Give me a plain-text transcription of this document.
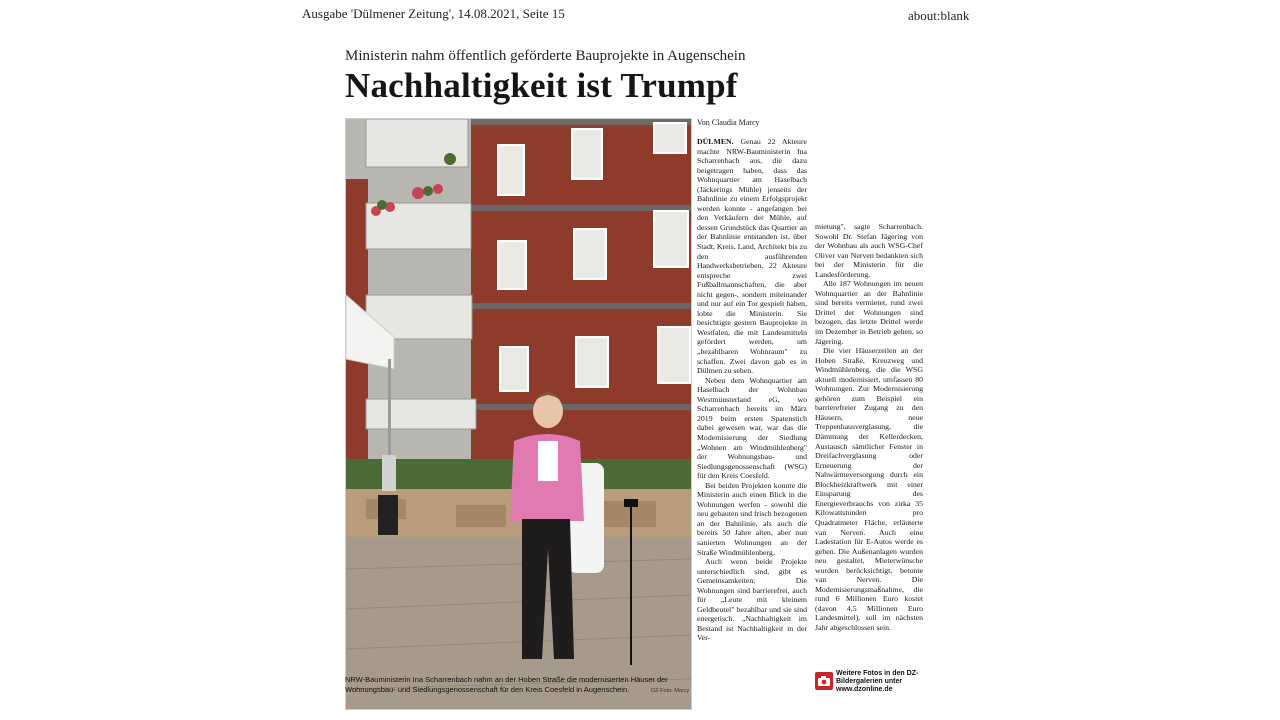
Ausgabe 'Dülmener Zeitung', 14.08.2021, Seite 15	about:blank
Ministerin nahm öffentlich geförderte Bauprojekte in Augenschein
Nachhaltigkeit ist Trumpf
NRW-Bauministerin Ina Scharrenbach nahm an der Hoben Straße die modernisierten Häuser der Wohnungsbau- und Siedlungsgenossenschaft für den Kreis Coesfeld in Augenschein.	DZ-Foto: Marcy
Von Claudia Marcy

DÜLMEN. Genau 22 Akteure machte NRW-Bauministerin Ina Scharrenbach aus, die dazu beigetragen haben, dass das Wohnquartier am Haselbach (Jäckerings Mühle) jenseits der Bahnlinie zu einem Erfolgsprojekt werden konnte - angefangen bei den Verkäufern der Mühle, auf dessen Grundstück das Quartier an der Bahnlinie entstanden ist, über Stadt, Kreis, Land, Architekt bis zu den ausführenden Handwerksbetrieben. 22 Akteure entspreche zwei Fußballmannschaften, die aber nicht gegen-, sondern miteinander und nur auf ein Tor gespielt haben, lobte die Ministerin. Sie besichtigte gestern Bauprojekte in Westfalen, die mit Landesmitteln gefördert werden, um „bezahlbaren Wohnraum" zu schaffen. Zwei davon gab es in Dülmen zu sehen.

Neben dem Wohnquartier am Haselbach der Wohnbau Westmünsterland eG, wo Scharrenbach bereits im März 2019 beim ersten Spatenstich dabei gewesen war, war das die Modernisierung der Siedlung „Wohnen am Windmühlenberg" der Wohnungsbau- und Siedlungsgenossenschaft (WSG) für den Kreis Coesfeld.

Bei beiden Projekten konnte die Ministerin auch einen Blick in die Wohnungen werfen - sowohl die neu gebauten und frisch bezogenen an der Bahnlinie, als auch die bereits 50 Jahre alten, aber nun sanierten Wohnungen an der Straße Windmühlenberg.

Auch wenn beide Projekte unterschiedlich sind, gibt es Gemeinsamkeiten: Die Wohnungen sind barrierefrei, auch für „Leute mit kleinem Geldbeutel" bezahlbar und sie sind energetisch. „Nachhaltigkeit im Bestand ist Nachhaltigkeit in der Ver-

mietung", sagte Scharrenbach. Sowohl Dr. Stefan Jägering von der Wohnbau als auch WSG-Chef Oliver van Nerven bedankten sich bei der Ministerin für die Landesförderung.

Alle 187 Wohnungen im neuen Wohnquartier an der Bahnlinie sind bereits vermietet, rund zwei Drittel der Wohnungen sind bezogen, das letzte Drittel werde im Dezember in Betrieb gehen, so Jägering.

Die vier Häuserzeilen an der Hoben Straße, Kreuzweg und Windmühlenberg, die die WSG aktuell modernisiert, umfassen 80 Wohnungen. Zur Modernisierung gehören zum Beispiel ein barrierefreier Zugang zu den Häusern, neue Treppenhausverglasung, die Dämmung der Kellerdecken, Austausch sämtlicher Fenster in Dreifachverglasung oder Erneuerung der Nahwärmeversorgung durch ein Blockheizkraftwerk mit einer Einsparung des Energieverbrauchs von zirka 35 Kilowattstunden pro Quadratmeter Fläche, erläuterte van Nerven. Auch eine Ladestation für E-Autos werde es geben. Die Außenanlagen wurden neu gestaltet, Mieterwünsche wurden berücksichtigt, betonte van Nerven. Die Modernisierungsmaßnahme, die rund 6 Millionen Euro kostet (davon 4,5 Millionen Euro Landesmittel), soll im nächsten Jahr abgeschlossen sein.

Weitere Fotos in den DZ-Bildergalerien unter www.dzonline.de
